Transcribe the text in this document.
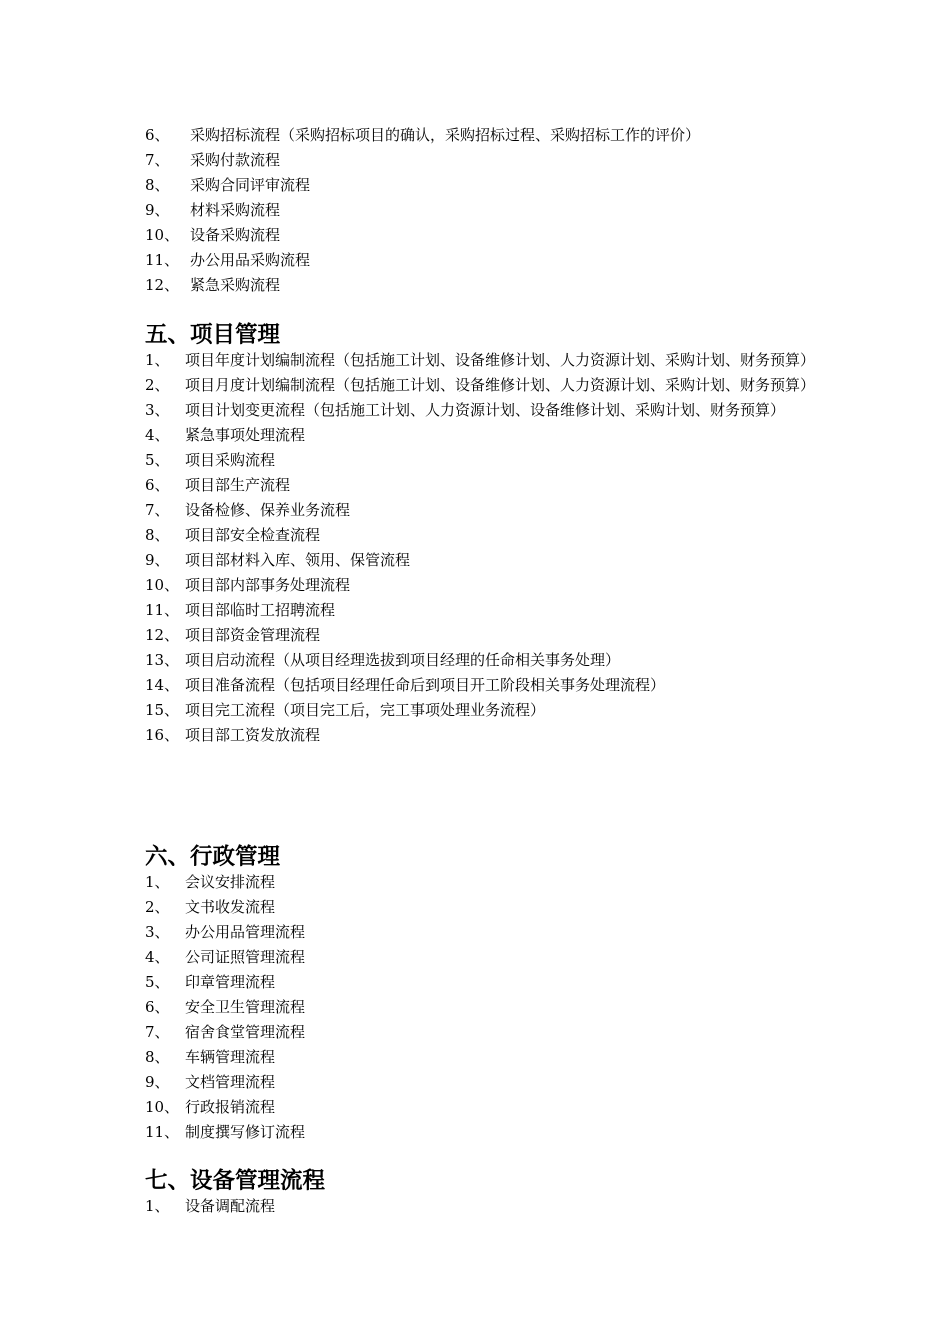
6、	采购招标流程（采购招标项目的确认，采购招标过程、采购招标工作的评价）
7、	采购付款流程
8、	采购合同评审流程
9、	材料采购流程
10、 设备采购流程
11、 办公用品采购流程
12、 紧急采购流程
五、项目管理
1、	项目年度计划编制流程（包括施工计划、设备维修计划、人力资源计划、采购计划、财务预算）
2、	项目月度计划编制流程（包括施工计划、设备维修计划、人力资源计划、采购计划、财务预算）
3、	项目计划变更流程（包括施工计划、人力资源计划、设备维修计划、采购计划、财务预算）
4、	紧急事项处理流程
5、	项目采购流程
6、	项目部生产流程
7、	设备检修、保养业务流程
8、	项目部安全检查流程
9、	项目部材料入库、领用、保管流程
10、 项目部内部事务处理流程
11、 项目部临时工招聘流程
12、 项目部资金管理流程
13、 项目启动流程（从项目经理选拔到项目经理的任命相关事务处理）
14、 项目准备流程（包括项目经理任命后到项目开工阶段相关事务处理流程）
15、 项目完工流程（项目完工后，完工事项处理业务流程）
16、 项目部工资发放流程
六、行政管理
1、	会议安排流程
2、	文书收发流程
3、	办公用品管理流程
4、	公司证照管理流程
5、	印章管理流程
6、	安全卫生管理流程
7、	宿舍食堂管理流程
8、	车辆管理流程
9、	文档管理流程
10、 行政报销流程
11、 制度撰写修订流程
七、设备管理流程
1、	设备调配流程
